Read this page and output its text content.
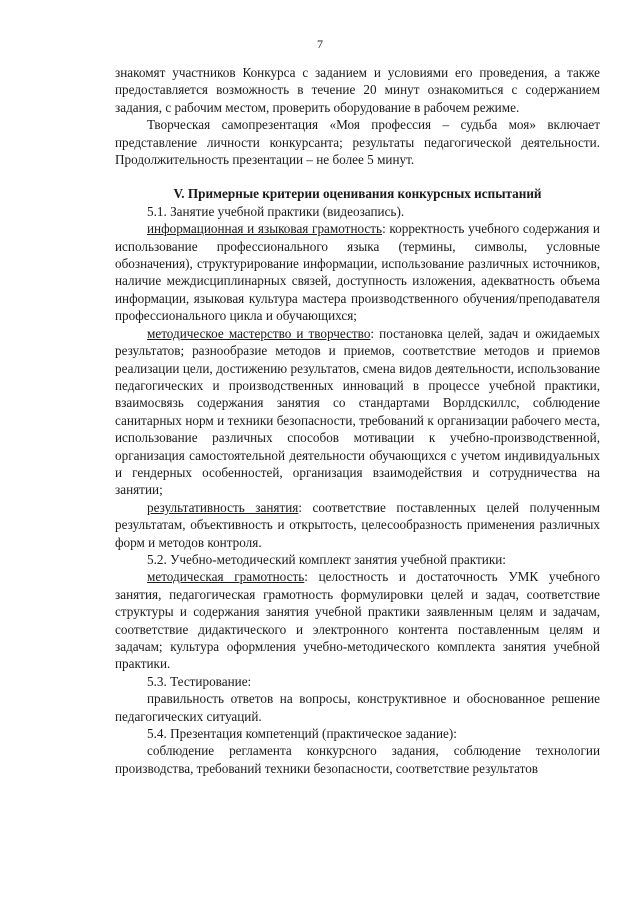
7

знакомят участников Конкурса с заданием и условиями его проведения, а также предоставляется возможность в течение 20 минут ознакомиться с содержанием задания, с рабочим местом, проверить оборудование в рабочем режиме.

Творческая самопрезентация «Моя профессия – судьба моя» включает представление личности конкурсанта; результаты педагогической деятельности. Продолжительность презентации – не более 5 минут.

V. Примерные критерии оценивания конкурсных испытаний

5.1. Занятие учебной практики (видеозапись).

информационная и языковая грамотность: корректность учебного содержания и использование профессионального языка (термины, символы, условные обозначения), структурирование информации, использование различных источников, наличие междисциплинарных связей, доступность изложения, адекватность объема информации, языковая культура мастера производственного обучения/преподавателя профессионального цикла и обучающихся;

методическое мастерство и творчество: постановка целей, задач и ожидаемых результатов; разнообразие методов и приемов, соответствие методов и приемов реализации цели, достижению результатов, смена видов деятельности, использование педагогических и производственных инноваций в процессе учебной практики, взаимосвязь содержания занятия со стандартами Ворлдскиллс, соблюдение санитарных норм и техники безопасности, требований к организации рабочего места, использование различных способов мотивации к учебно-производственной, организация самостоятельной деятельности обучающихся с учетом индивидуальных и гендерных особенностей, организация взаимодействия и сотрудничества на занятии;

результативность занятия: соответствие поставленных целей полученным результатам, объективность и открытость, целесообразность применения различных форм и методов контроля.

5.2. Учебно-методический комплект занятия учебной практики:

методическая грамотность: целостность и достаточность УМК учебного занятия, педагогическая грамотность формулировки целей и задач, соответствие структуры и содержания занятия учебной практики заявленным целям и задачам, соответствие дидактического и электронного контента поставленным целям и задачам; культура оформления учебно-методического комплекта занятия учебной практики.

5.3. Тестирование:

правильность ответов на вопросы, конструктивное и обоснованное решение педагогических ситуаций.

5.4. Презентация компетенций (практическое задание):

соблюдение регламента конкурсного задания, соблюдение технологии производства, требований техники безопасности, соответствие результатов
